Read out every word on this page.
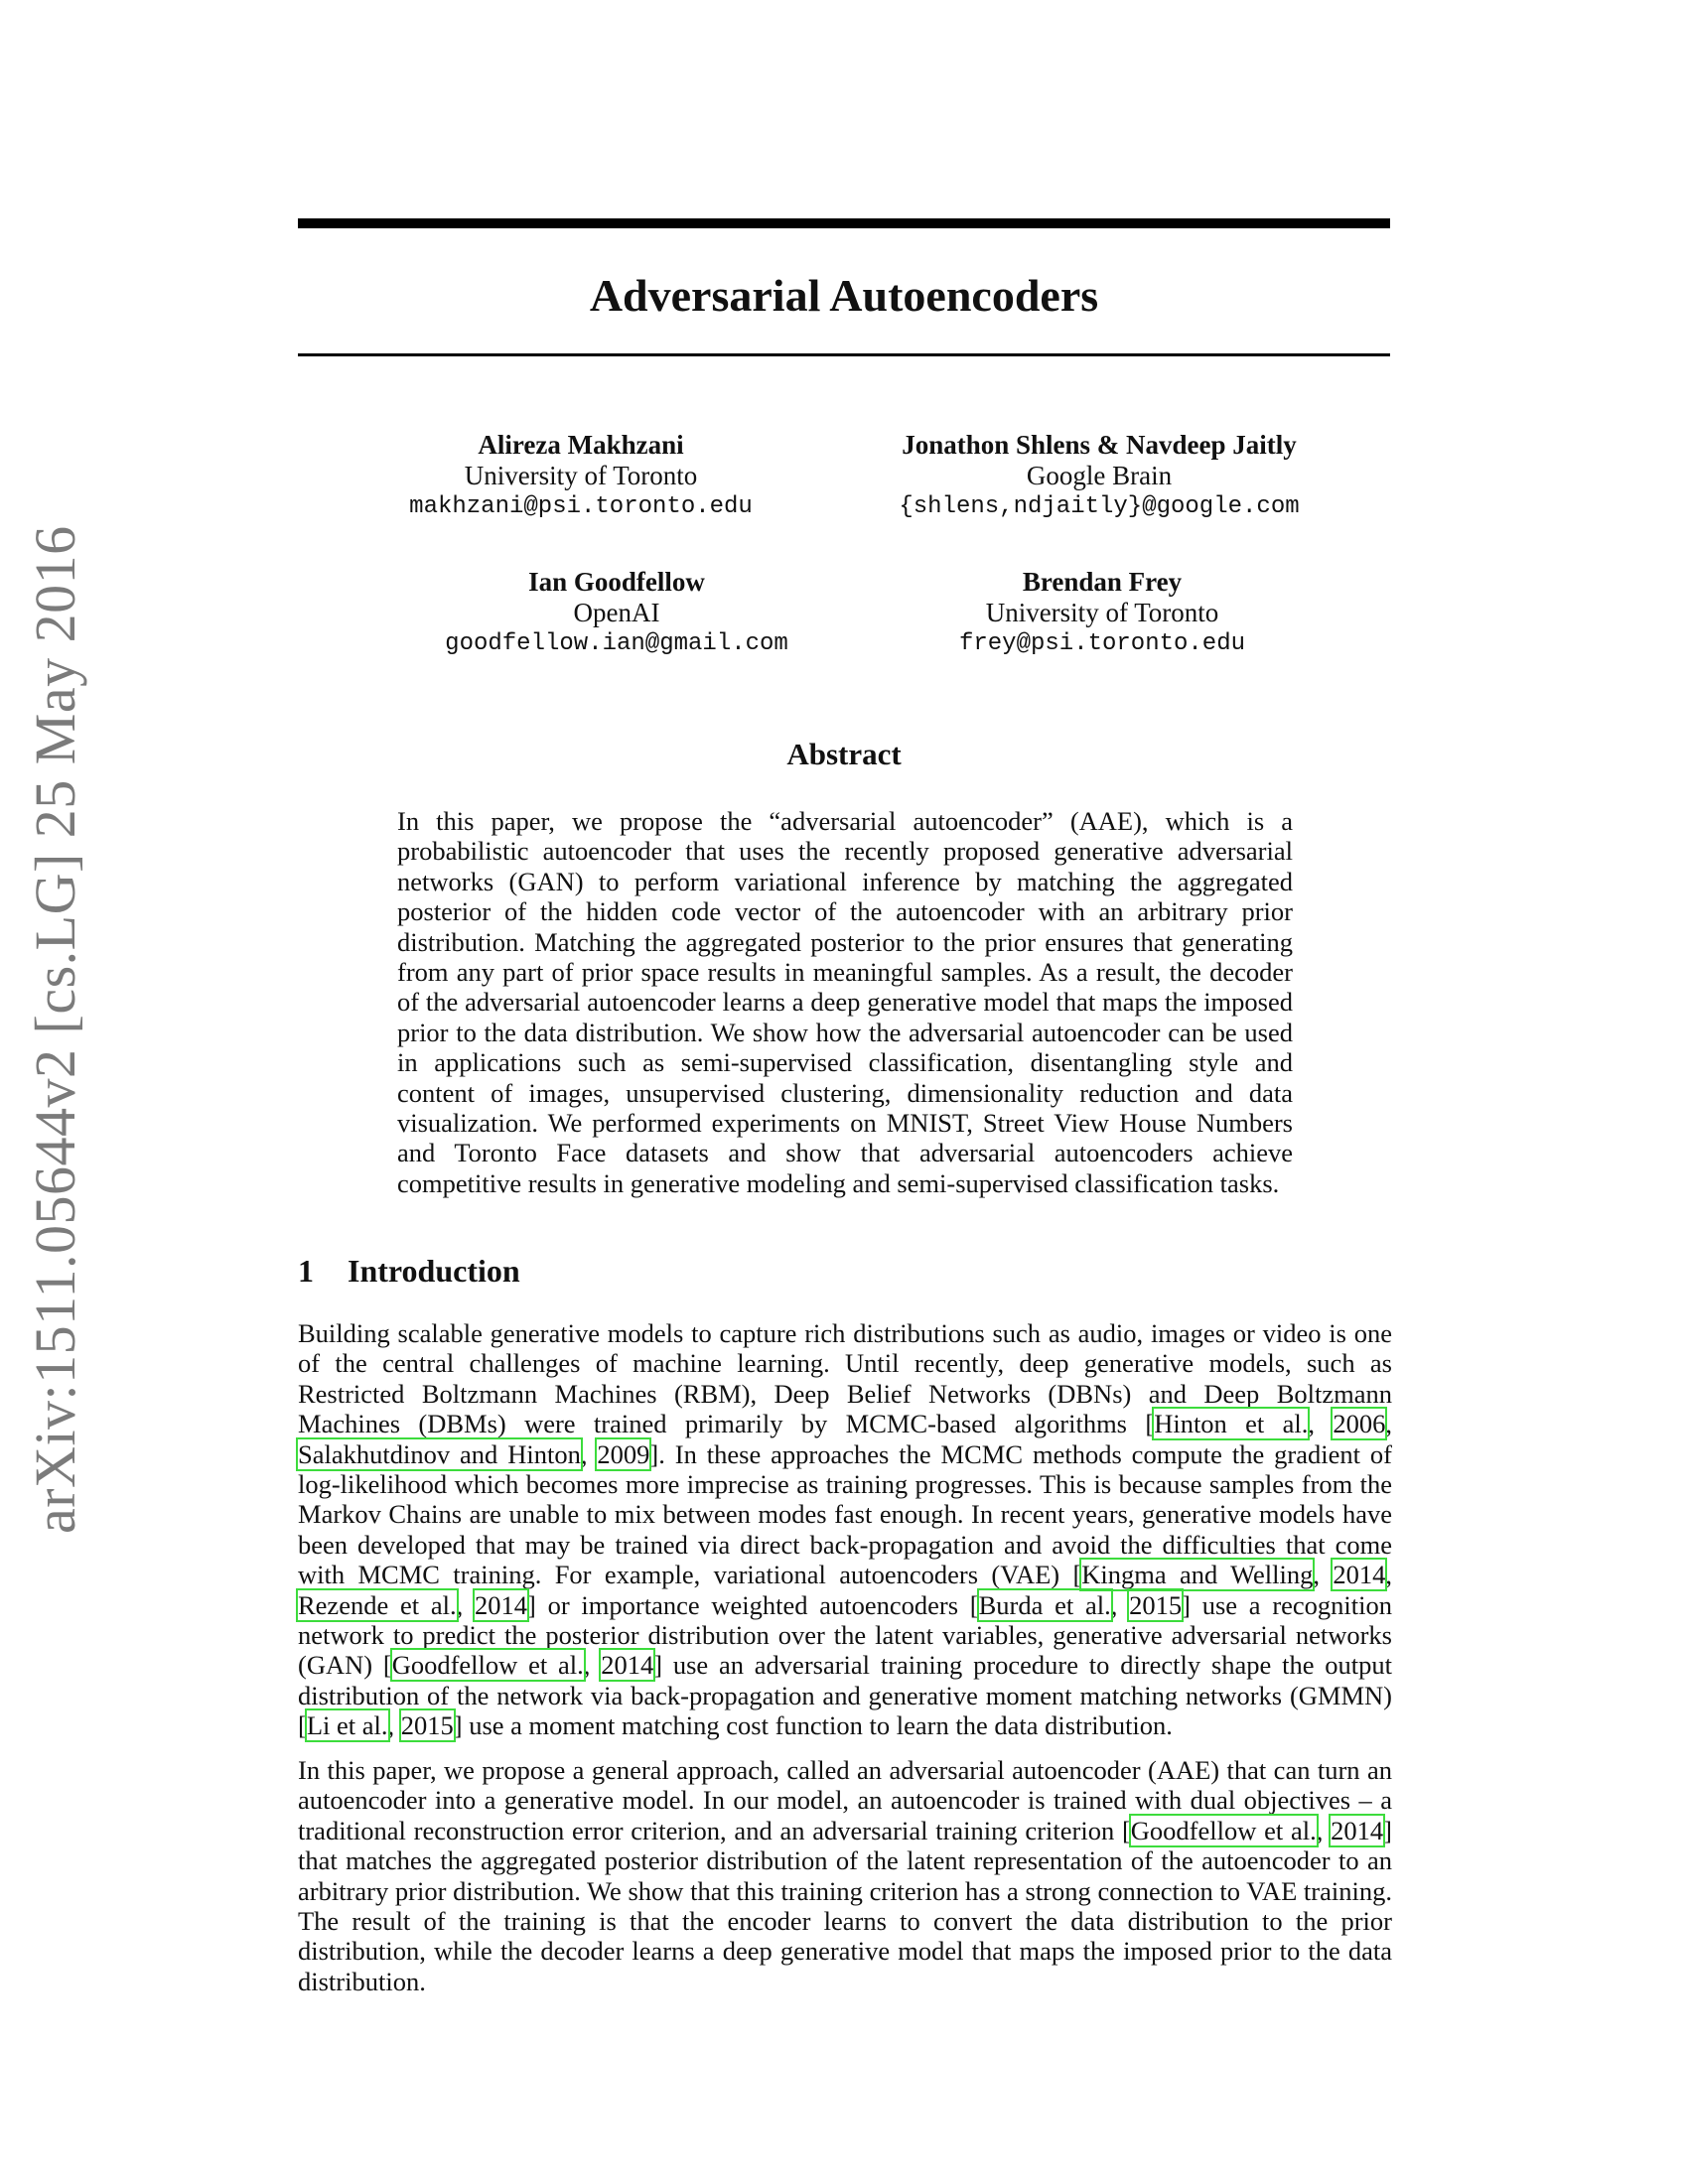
arXiv:1511.05644v2 [cs.LG] 25 May 2016
Adversarial Autoencoders
Alireza Makhzani
University of Toronto
makhzani@psi.toronto.edu
Jonathon Shlens & Navdeep Jaitly
Google Brain
{shlens,ndjaitly}@google.com
Ian Goodfellow
OpenAI
goodfellow.ian@gmail.com
Brendan Frey
University of Toronto
frey@psi.toronto.edu
Abstract
In this paper, we propose the “adversarial autoencoder” (AAE), which is a probabilistic autoencoder that uses the recently proposed generative adversarial networks (GAN) to perform variational inference by matching the aggregated posterior of the hidden code vector of the autoencoder with an arbitrary prior distribution. Matching the aggregated posterior to the prior ensures that generating from any part of prior space results in meaningful samples. As a result, the decoder of the adversarial autoencoder learns a deep generative model that maps the imposed prior to the data distribution. We show how the adversarial autoencoder can be used in applications such as semi-supervised classification, disentangling style and content of images, unsupervised clustering, dimensionality reduction and data visualization. We performed experiments on MNIST, Street View House Numbers and Toronto Face datasets and show that adversarial autoencoders achieve competitive results in generative modeling and semi-supervised classification tasks.
1 Introduction
Building scalable generative models to capture rich distributions such as audio, images or video is one of the central challenges of machine learning. Until recently, deep generative models, such as Restricted Boltzmann Machines (RBM), Deep Belief Networks (DBNs) and Deep Boltzmann Machines (DBMs) were trained primarily by MCMC-based algorithms [Hinton et al., 2006, Salakhutdinov and Hinton, 2009]. In these approaches the MCMC methods compute the gradient of log-likelihood which becomes more imprecise as training progresses. This is because samples from the Markov Chains are unable to mix between modes fast enough. In recent years, generative models have been developed that may be trained via direct back-propagation and avoid the difficulties that come with MCMC training. For example, variational autoencoders (VAE) [Kingma and Welling, 2014, Rezende et al., 2014] or importance weighted autoencoders [Burda et al., 2015] use a recognition network to predict the posterior distribution over the latent variables, generative adversarial networks (GAN) [Goodfellow et al., 2014] use an adversarial training procedure to directly shape the output distribution of the network via back-propagation and generative moment matching networks (GMMN) [Li et al., 2015] use a moment matching cost function to learn the data distribution.
In this paper, we propose a general approach, called an adversarial autoencoder (AAE) that can turn an autoencoder into a generative model. In our model, an autoencoder is trained with dual objectives – a traditional reconstruction error criterion, and an adversarial training criterion [Goodfellow et al., 2014] that matches the aggregated posterior distribution of the latent representation of the autoencoder to an arbitrary prior distribution. We show that this training criterion has a strong connection to VAE training. The result of the training is that the encoder learns to convert the data distribution to the prior distribution, while the decoder learns a deep generative model that maps the imposed prior to the data distribution.
